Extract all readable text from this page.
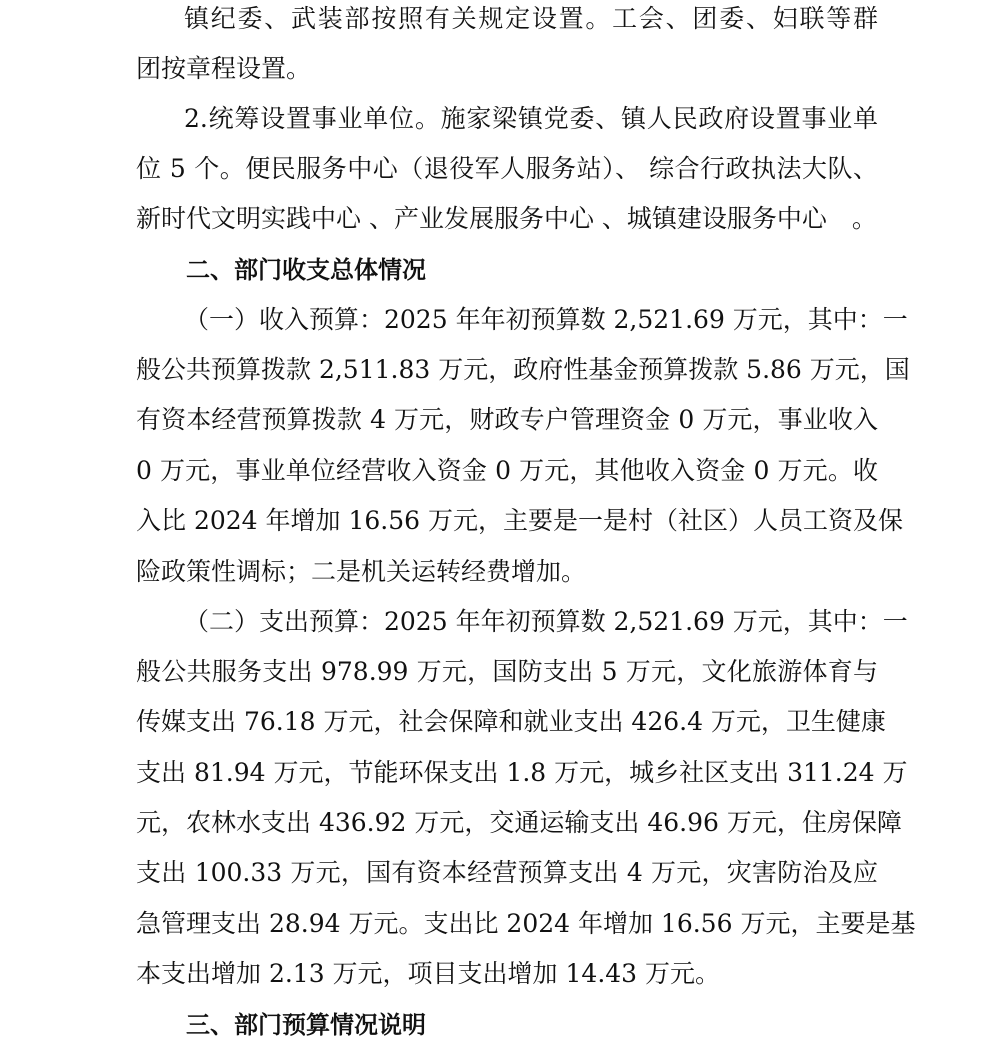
镇纪委、武装部按照有关规定设置。工会、团委、妇联等群
团按章程设置。
2.统筹设置事业单位。施家梁镇党委、镇人民政府设置事业单
位 5 个。便民服务中心（退役军人服务站）、 综合行政执法大队、
新时代文明实践中心 、产业发展服务中心 、城镇建设服务中心　。
二、部门收支总体情况
（一）收入预算：2025 年年初预算数 2,521.69 万元，其中：一
般公共预算拨款 2,511.83 万元，政府性基金预算拨款 5.86 万元，国
有资本经营预算拨款 4 万元，财政专户管理资金 0 万元，事业收入
0 万元，事业单位经营收入资金 0 万元，其他收入资金 0 万元。收
入比 2024 年增加 16.56 万元，主要是一是村（社区）人员工资及保
险政策性调标；二是机关运转经费增加。
（二）支出预算：2025 年年初预算数 2,521.69 万元，其中：一
般公共服务支出 978.99 万元，国防支出 5 万元，文化旅游体育与
传媒支出 76.18 万元，社会保障和就业支出 426.4 万元，卫生健康
支出 81.94 万元，节能环保支出 1.8 万元，城乡社区支出 311.24 万
元，农林水支出 436.92 万元，交通运输支出 46.96 万元，住房保障
支出 100.33 万元，国有资本经营预算支出 4 万元，灾害防治及应
急管理支出 28.94 万元。支出比 2024 年增加 16.56 万元，主要是基
本支出增加 2.13 万元，项目支出增加 14.43 万元。
三、部门预算情况说明
